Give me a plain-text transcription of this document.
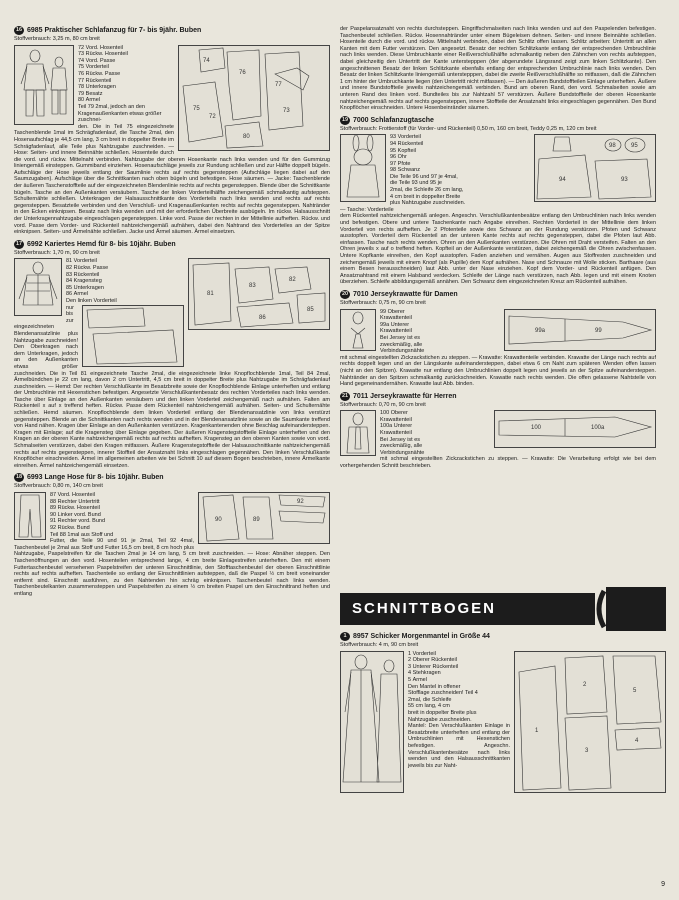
16 6985 Praktischer Schlafanzug für 7- bis 9jähr. Buben
Stoffverbrauch: 3,25 m, 80 cm breit
74
76
77
75
80
73
72
72 Vord. Hosenteil
73 Rückw. Hosenteil
74 Vord. Passe
75 Vorderteil
76 Rückw. Passe
77 Rückenteil
78 Unterkragen
79 Besatz
80 Ärmel
Teil 79 2mal, jedoch an den Kragenaußenkanten etwas größer zuschnei-
den. Die in Teil 75 eingezeichnete Taschenblende 1mal im Schrägfadenlauf, die Tasche 2mal, den Hosenaufschlag je 44,5 cm lang, 3 cm breit in doppelter Breite im Schrägfadenlauf, alle Teile plus Nahtzugabe zuschneiden. — Hose: Seiten- und innere Beinnähte schließen. Hosenteile durch die vord. und rückw. Mittelnaht verbinden. Nahtzugabe der oberen Hosenkante nach links wenden und für den Gummizug liniengemäß einsteppen. Gummiband einziehen. Hosenaufschläge jeweils zur Rundung schließen und zur Hälfte doppelt bügeln. Aufschläge der Hose jeweils entlang der Saumlinie rechts auf rechts gegensteppen (Aufschläge liegen dabei auf den Saumzugaben). Aufschläge über die Schnittkanten nach oben bügeln und befestigen. Hose säumen. — Jacke: Taschenblende der äußeren Taschenstoffteile auf der eingezeichneten Blendenlinie rechts auf rechts gegensteppen. Blende über die Schnittkante bügeln. Tasche an den Außenkanten versäubern. Tasche der linken Vorderteilhälfte zeichengemäß schmalkantig aufsteppen. Schulternähte schließen. Unterkragen der Halsausschnittkante des Vorderteils nach links wenden und rechts auf rechts gegensteppen. Besatzteile verbinden und den Verschluß- und Kragenaußenkanten rechts auf rechts gegensteppen. Nahtränder in den Ecken einknipsen. Besatz nach links wenden und mit der erforderlichen Überbreite ausbügeln. Im rückw. Halsausschnitt der Unterkragennahtzugabe eingeschlagen gegensteppen. Linke vord. Passe der rechten in der Mittellinie aufheften. Rückw. und vord. Passe dem Vorder- und Rückenteil nahtzeichengemäß aufnähen, dabei den Nahtrand des Vorderteiles an der Spitze einknipsen. Seiten- und Ärmelnähte schließen. Jacke und Ärmel säumen. Ärmel einsetzen.
17 6992 Kariertes Hemd für 8- bis 10jähr. Buben
Stoffverbrauch: 1,70 m, 90 cm breit
81
83
82
86
85
81 Vorderteil
82 Rückw. Passe
83 Rückenteil
84 Kragensteg
85 Unterkragen
86 Ärmel
Den linken Vorderteil
nur bis zur eingezeichneten Blendenansatzlinie plus Nahtzugabe zuschneiden! Den Oberkragen nach dem Unterkragen, jedoch an den Außenkanten etwas größer zuschneiden. Die in Teil 81 eingezeichnete Tasche 2mal, die eingezeichnete linke Knopflochblende 1mal, Teil 84 2mal, Ärmelbündchen je 22 cm lang, davon 2 cm Untertritt, 4,5 cm breit in doppelter Breite plus Nahtzugabe im Schrägfadenlauf zuschneiden. — Hemd: Der rechten Verschlußkante im Besatzbreite sowie der Knopflochblende Einlage unterheften und entlang der Umbruchlinie mit Hexenstichen befestigen. Angesetzte Verschlußkantenbesatz des rechten Vorderteiles nach links wenden. Tasche über Einlage an den Außenkanten versäubern und den linken Vorderteil zeichengemäß nach aufnähen. Falten am Rückenteil x auf x treffend heften. Rückw. Passe dem Rückenteil nahtzeichengemäß aufnähen. Seiten- und Schulternähte schließen. Hemd säumen. Knopflochblende dem linken Vorderteil entlang der Blendenansatzlinie von links verstürzt gegensteppen. Blende an die Schnittkanten nach rechts wenden und in der Blendenansatzlinie sowie an die Saumkante treffend von Hand nähen. Kragen über Einlage an den Außenkanten verstürzen. Kragenkantenenden ohne Beschlag aufeinandersteppen. Kragen mit Einlage; auf die Kragensteg über Einlage gegeben. Der äußeren Kragenstegstoffteile Einlage unterheften und den Kragen an der oberen Kante nahtzeichengemäß rechts auf rechts aufheften. Kragensteg an den oberen Kanten sowie von vord. Schmalseiten verstürzen, dabei den Kragen mitfassen. Äußere Kragenstegstoffteile der Halsausschnittkante nahtzeichengemäß rechts auf rechts gegensteppen, innerer Stoffteil der Ansatznaht links eingeschlagen gegennähen. Den linken Verschlußkante Knopflöcher einschneiden. Ärmel im allgemeinen arbeiten wie bei Schnitt 10 auf diesem Bogen beschrieben, innere Ärmelkante einreihen. Ärmel nahtzeichengemäß einsetzen.
18 6993 Lange Hose für 8- bis 10jähr. Buben
Stoffverbrauch: 0,80 m, 140 cm breit
90	89
92
87 Vord. Hosenteil
88 Rechter Untertritt
89 Rückw. Hosenteil
90 Linker vord. Bund
91 Rechter vord. Bund
92 Rückw. Bund
Teil 88 1mal aus Stoff und
Futter, die Teile 90 und 91 je 2mal, Teil 92 4mal, Taschenbeutel je 2mal aus Stoff und Futter 16,5 cm breit, 8 cm hoch plus Nahtzugabe, Paspelstreifen für die Taschen 2mal je 14 cm lang, 5 cm breit zuschneiden. — Hose: Abnäher steppen. Den Taschenöffnungen an den vord. Hosenteilen entsprechend lange, 4 cm breite Einlagestreifen unterheften. Den mit einem Futtertaschenbeutel versehenen Paspelstreifen der unteren Einschnittlinie, den Stofftaschenbeutel der oberen Einschnittlinie rechts auf rechts aufheften. Taschenteile so entlang der Einschnittlinien aufsteppen, daß die Paspel ½ cm breit voneinander entfernt sind. Einschnitt ausführen, zu den Nahtenden hin schräg einknipsen. Taschenbeutel nach links wenden. Taschenbeutelkanten zusammensteppen und Paspelstreifen zu einem ½ cm breiten Paspel um den Einschnittrand heften und entlang
der Paspelansatznaht von rechts durchsteppen. Eingriffschmalseiten nach links wenden und auf den Paspelenden befestigen. Taschenbeutel schließen. Rückw. Hosennahtränder unter einem Bügeleisen dehnen. Seiten- und innere Beinnähte schließen. Hosenteile durch die vord. und rückw. Mittelnaht verbinden, dabei den Schlitz offen lassen. Schlitz arbeiten: Untertritt an allen Kanten mit dem Futter verstürzen. Den angesetzt. Besatz der rechten Schlitzkante entlang der entsprechenden Umbruchlinie nach links wenden. Diese Umbruchkante einer Reißverschlußhälfte schmalkantig neben den Zähnchen von rechts aufsteppen, dabei gleichzeitig den Untertritt der Kante unterstepppen (der abgerundete Längsrand zeigt zum linken Schlitzkante). Den angeschnittenen Besatz der linken Schlitzkante ebenfalls entlang der entsprechenden Umbruchlinie nach links wenden. Den Besatz der linken Schlitzkante liniengemäß unterstepppen, dabei die zweite Reißverschlußhälfte so mitfassen, daß die Zähnchen 1 cm hinter der Umbruchkante liegen (den Untertritt nicht mitfassen). — Den äußeren Bundstoffteilen Einlage unterheften. Äußere und innere Bundstoffteile jeweils nahtzeichengemäß verbinden. Bund am oberen Rand, den vord. Schmalseiten sowie am unteren Rand des linken vord. Bundteiles bis zur Nahtzahl 57 verstürzen. Äußere Bundstoffteile der oberen Hosenkante nahtzeichengemäß rechts auf rechts gegensteppen, innere Stoffteile der Ansatznaht links eingeschlagen gegennähen. Den Bund Knopflöcher einschneiden. Untere Hosenbeinränder säumen.
19 7000 Schlafanzugtasche
Stoffverbrauch: Frottierstoff (für Vorder- und Rückenteil) 0,50 m, 160 cm breit, Teddy 0,25 m, 120 cm breit
94	93
98	95
93 Vorderteil
94 Rückenteil
95 Kopfteil
96 Ohr
97 Pfote
98 Schwanz
Die Teile 96 und 97 je 4mal,
die Teile 93 und 95 je
2mal, die Schleife 26 cm lang,
4 cm breit in doppelter Breite
plus Nahtzugabe zuschneiden.
— Tasche: Vorderteile
dem Rückenteil nahtzeichengemäß anlegen. Angeschn. Verschlußkantenbesätze entlang den Umbruchlinien nach links wenden und befestigen. Obere und untere Taschenkante nach Angabe einreihen. Rechten Vorderteil in der Mittellinie dem linken Vorderteil von rechts aufheften. Je 2 Pfotenteile sowie des Schwanz an der Rundung verstürzen. Pfoten und Schwanz ausstopfen. Vorderteil dem Rückenteil an der unteren Kante rechts auf rechts gegensteppen, dabei die Pfoten laut Abb. einfassen. Tasche nach rechts wenden. Ohren an den Außenkanten verstürzen. Die Ohren mit Draht versteifen. Falten an den Ohren jeweils x auf o treffend heften. Kopfteil an der Außenkante verstürzen, dabei zeichengemäß die Ohren zwischenfassen. Untere Kopfkante einreihen, den Kopf ausstopfen. Faden anziehen und vernähen. Augen aus Stoffresten zuschneiden und zeichengemäß jeweils mit einem Knopf (als Pupille) dem Kopf aufnähen. Nase und Schnauze mit Wolle sticken. Barthaare (aus einem Besen herausschneiden) laut Abb. unter der Nase einziehen. Kopf dem Vorder- und Rückenteil anfügen. Den Ansatznahtrand mit einem Halsband verdecken. Schleife der Länge nach verstürzen, nach Abb. legen und mit einem Knoten überziehen. Schleife abbildungsgemäß annähen. Den Schwanz dem eingezeichneten Kreuz am Rückenteil aufnähen.
20 7010 Jerseykrawatte für Damen
Stoffverbrauch: 0,75 m, 90 cm breit
99
99a
99 Oberer
Krawattenteil
99a Unterer
Krawattenteil
Bei Jersey ist es
zweckmäßig, alle
Verbindungsnähte
mit schmal eingestellten Zickzackstichen zu steppen. — Krawatte: Krawattenteile verbinden. Krawatte der Länge nach rechts auf rechts doppelt legen und an der Längskante aufeinandersteppen, dabei etwa 6 cm Naht zum späteren Wenden offen lassen (nicht an den Spitzen). Krawatte nur entlang den Umbruchlinien doppelt legen und jeweils an der Spitze aufeinandersteppen. Nahtränder an den Spitzen schmalkantig zurückschneiden. Krawatte nach rechts wenden. Die offen gelassene Nahtstelle von Hand gegeneinandernähen. Krawatte laut Abb. binden.
21 7011 Jerseykrawatte für Herren
Stoffverbrauch: 0,70 m, 90 cm breit
100a
100
100 Oberer
Krawattenteil
100a Unterer
Krawattenteil
Bei Jersey ist es
zweckmäßig, alle
Verbindungsnähte
mit schmal eingestellten Zickzackstichen zu steppen. — Krawatte: Die Verarbeitung erfolgt wie bei dem vorhergehenden Schnitt beschrieben.
SCHNITTBOGEN
1 8957 Schicker Morgenmantel in Größe 44
Stoffverbrauch: 4 m, 90 cm breit
1
2
3
5
4
1 Vorderteil
2 Oberer Rückenteil
3 Unterer Rückenteil
4 Stehkragen
5 Ärmel
Den Mantel in offener
Stofflage zuschneiden! Teil 4
2mal, die Schleife
55 cm lang, 4 cm
breit in doppelter Breite plus
Nahtzugabe zuschneiden.
Mantel: Den Verschlußkanten Einlage in Besatzbreite unterheften und entlang der Umbruchlinien mit Hexenstichen befestigen. Angeschn. Verschlußkantenbesätze nach links wenden und den Halsausschnittkanten jeweils bis zur Naht-
9
